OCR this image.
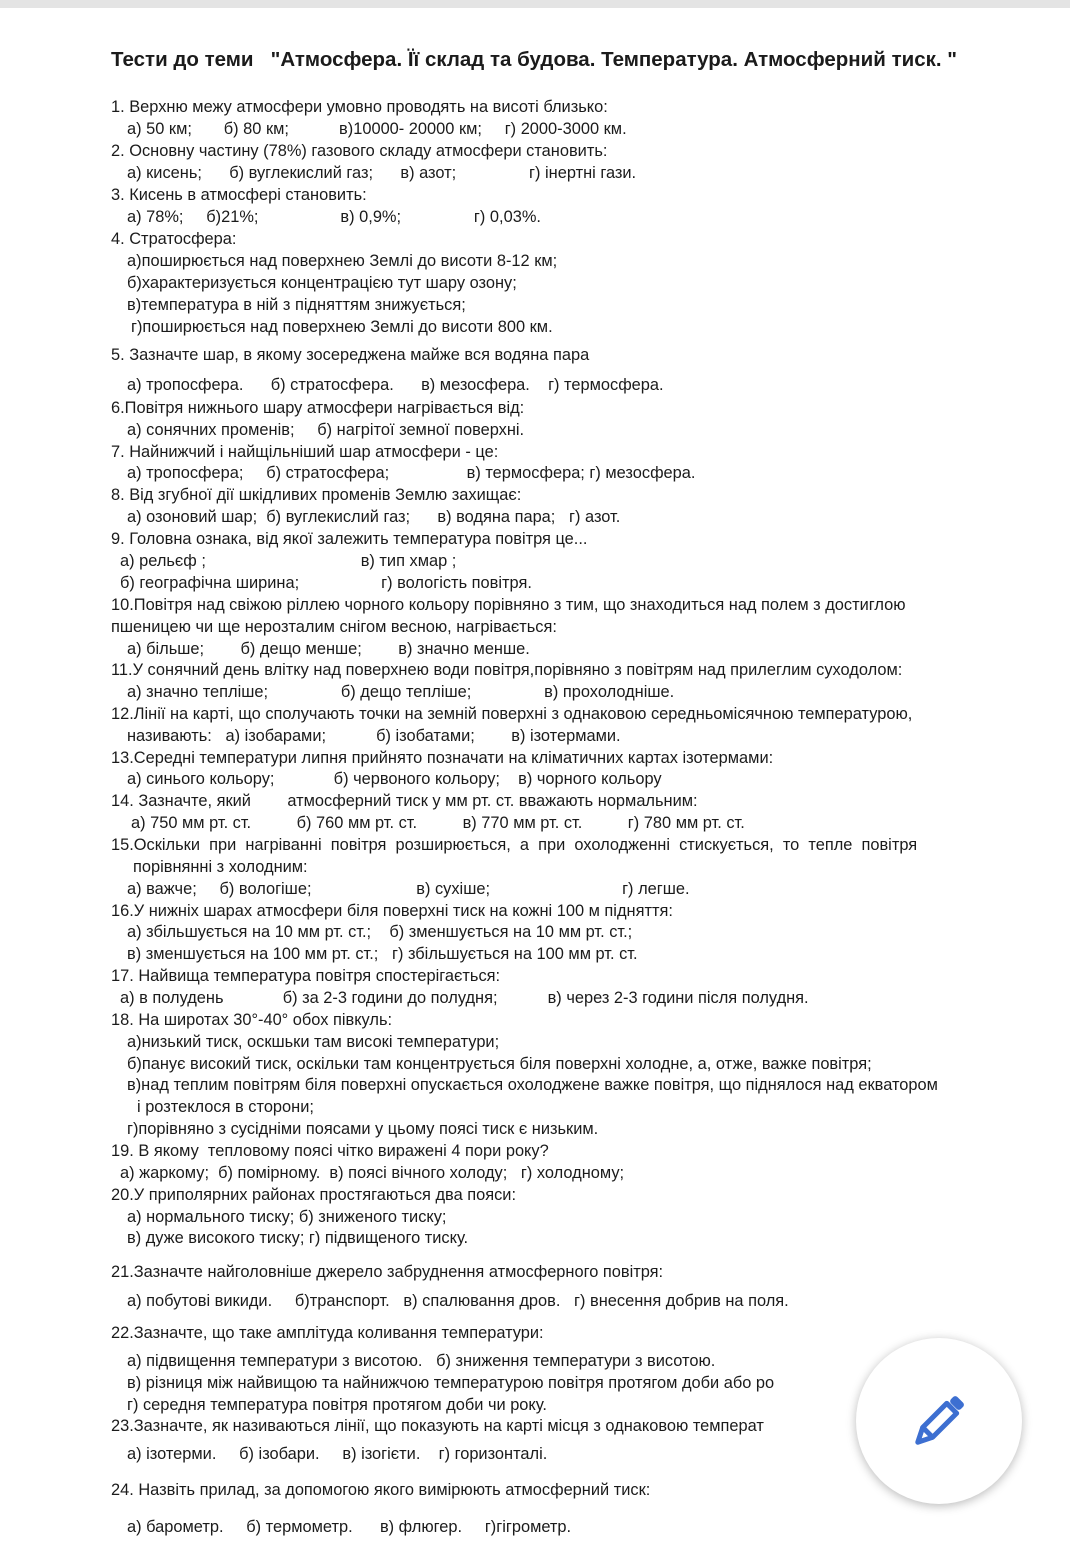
Тести до теми   "Атмосфера. Її склад та будова. Температура. Атмосферний тиск. "
1. Верхню межу атмосфери умовно проводять на висоті близько:
а) 50 км;       б) 80 км;           в)10000- 20000 км;     г) 2000-3000 км.
2. Основну частину (78%) газового складу атмосфери становить:
а) кисень;      б) вуглекислий газ;      в) азот;                г) інертні гази.
3. Кисень в атмосфері становить:
а) 78%;     б)21%;                  в) 0,9%;                г) 0,03%.
4. Стратосфера:
а)поширюється над поверхнею Землі до висоти 8-12 км;
б)характеризується концентрацією тут шару озону;
в)температура в ній з підняттям знижується;
г)поширюється над поверхнею Землі до висоти 800 км.
5. Зазначте шар, в якому зосереджена майже вся водяна пара
а) тропосфера.      б) стратосфера.      в) мезосфера.    г) термосфера.
6.Повітря нижнього шару атмосфери нагрівається від:
а) сонячних променів;     б) нагрітої земної поверхні.
7. Найнижчий і найщільніший шар атмосфери - це:
а) тропосфера;     б) стратосфера;                 в) термосфера; г) мезосфера.
8. Від згубної дії шкідливих променів Землю захищає:
а) озоновий шар;  б) вуглекислий газ;      в) водяна пара;   г) азот.
9. Головна ознака, від якої залежить температура повітря це...
а) рельєф ;                                  в) тип хмар ;
б) географічна ширина;                  г) вологість повітря.
10.Повітря над свіжою ріллею чорного кольору порівняно з тим, що знаходиться над полем з достиглою
пшеницею чи ще нерозталим снігом весною, нагрівається:
а) більше;        б) дещо менше;        в) значно менше.
11.У сонячний день влітку над поверхнею води повітря,порівняно з повітрям над прилеглим суходолом:
а) значно тепліше;                б) дещо тепліше;                в) прохолодніше.
12.Лінії на карті, що сполучають точки на земній поверхні з однаковою середньомісячною температурою,
називають:   а) ізобарами;           б) ізобатами;        в) ізотермами.
13.Середні температури липня прийнято позначати на кліматичних картах ізотермами:
а) синього кольору;             б) червоного кольору;    в) чорного кольору
14. Зазначте, який        атмосферний тиск у мм рт. ст. вважають нормальним:
а) 750 мм рт. ст.          б) 760 мм рт. ст.          в) 770 мм рт. ст.          г) 780 мм рт. ст.
15.Оскільки  при  нагріванні  повітря  розширюється,  а  при  охолодженні  стискується,  то  тепле  повітря
порівнянні з холодним:
а) важче;     б) вологіше;                       в) сухіше;                             г) легше.
16.У нижніх шарах атмосфери біля поверхні тиск на кожні 100 м підняття:
а) збільшується на 10 мм рт. ст.;    б) зменшується на 10 мм рт. ст.;
в) зменшується на 100 мм рт. ст.;   г) збільшується на 100 мм рт. ст.
17. Найвища температура повітря спостерігається:
а) в полудень             б) за 2-3 години до полудня;           в) через 2-3 години після полудня.
18. На широтах 30°-40° обох півкуль:
а)низький тиск, оскшьки там високі температури;
б)панує високий тиск, оскільки там концентрується біля поверхні холодне, а, отже, важке повітря;
в)над теплим повітрям біля поверхні опускається охолоджене важке повітря, що піднялося над екватором
і розтеклося в сторони;
г)порівняно з сусідніми поясами у цьому поясі тиск є низьким.
19. В якому  тепловому поясі чітко виражені 4 пори року?
а) жаркому;  б) помірному.  в) поясі вічного холоду;   г) холодному;
20.У приполярних районах простягаються два пояси:
а) нормального тиску; б) зниженого тиску;
в) дуже високого тиску; г) підвищеного тиску.
21.Зазначте найголовніше джерело забруднення атмосферного повітря:
а) побутові викиди.     б)транспорт.   в) спалювання дров.   г) внесення добрив на поля.
22.Зазначте, що таке амплітуда коливання температури:
а) підвищення температури з висотою.   б) зниження температури з висотою.
в) різниця між найвищою та найнижчою температурою повітря протягом доби або ро
г) середня температура повітря протягом доби чи року.
23.Зазначте, як називаються лінії, що показують на карті місця з однаковою температ
а) ізотерми.     б) ізобари.     в) ізогієти.    г) горизонталі.
24. Назвіть прилад, за допомогою якого вимірюють атмосферний тиск:
а) барометр.     б) термометр.      в) флюгер.     г)гігрометр.
